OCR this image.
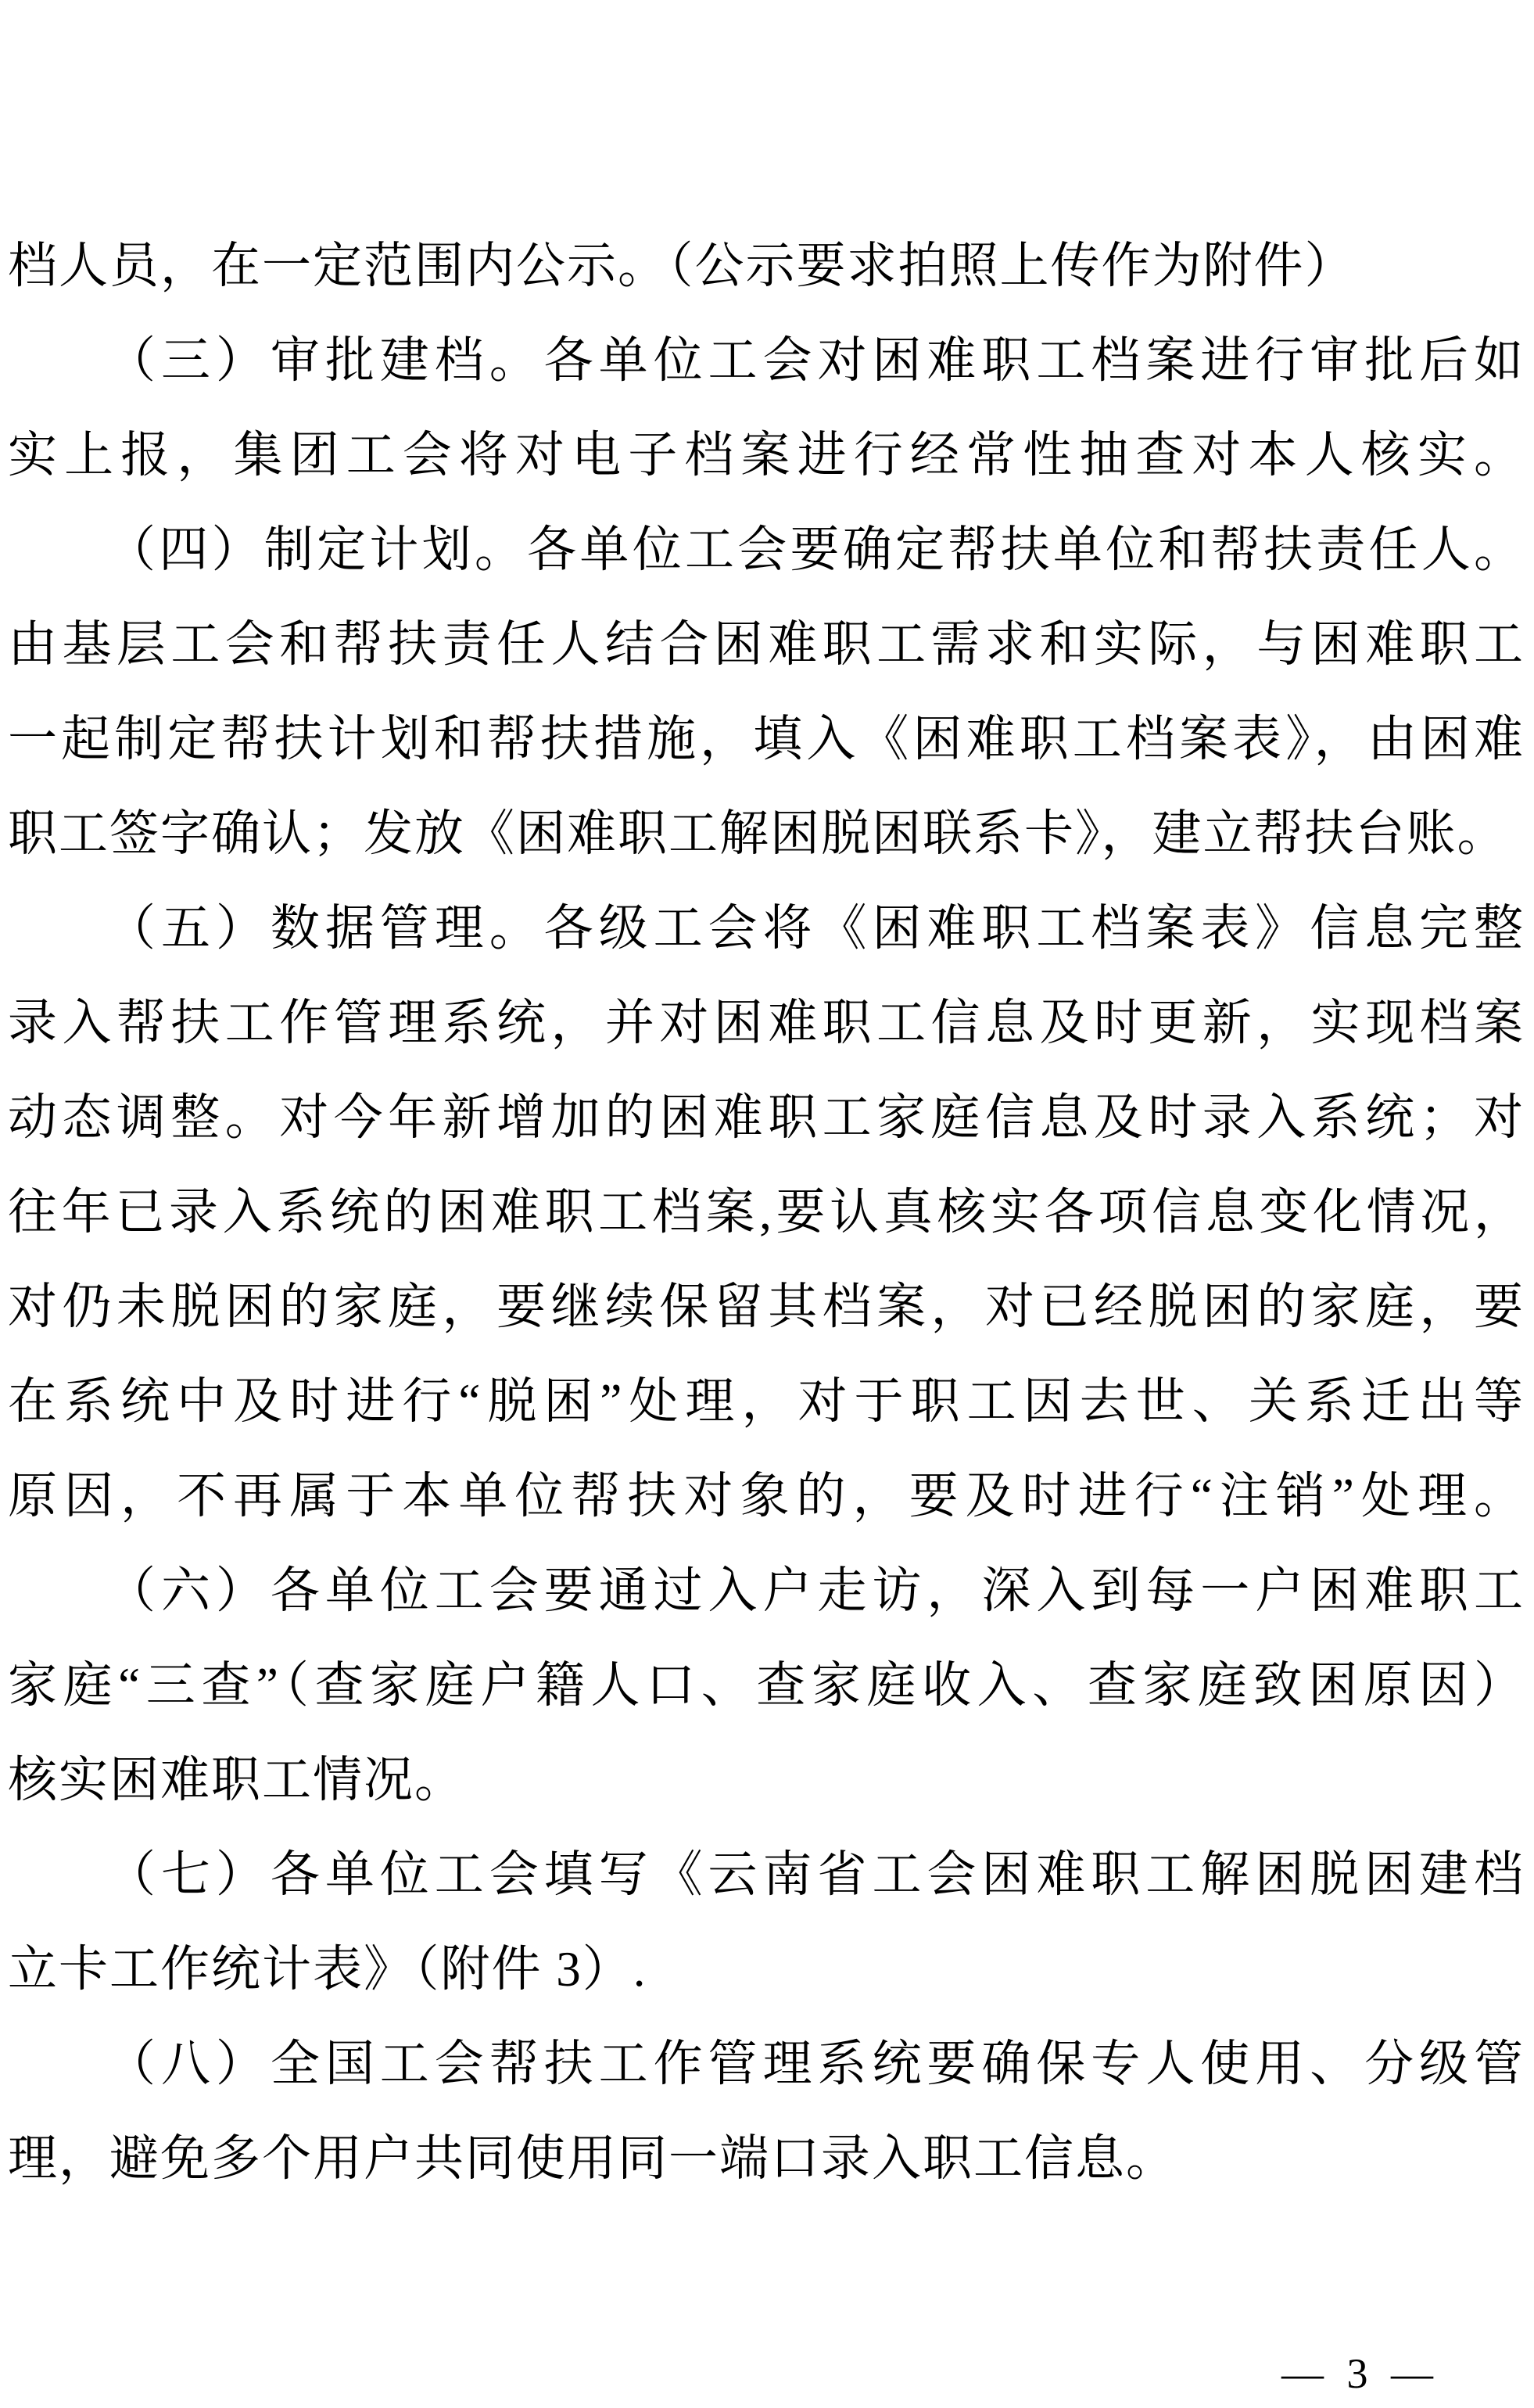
档人员，在一定范围内公示。（公示要求拍照上传作为附件）
（三）审批建档。各单位工会对困难职工档案进行审批后如
实上报，集团工会将对电子档案进行经常性抽查对本人核实。
（四）制定计划。各单位工会要确定帮扶单位和帮扶责任人。
由基层工会和帮扶责任人结合困难职工需求和实际，与困难职工
一起制定帮扶计划和帮扶措施，填入《困难职工档案表》，由困难
职工签字确认；发放《困难职工解困脱困联系卡》，建立帮扶台账。
（五）数据管理。各级工会将《困难职工档案表》信息完整
录入帮扶工作管理系统，并对困难职工信息及时更新，实现档案
动态调整。对今年新增加的困难职工家庭信息及时录入系统；对
往年已录入系统的困难职工档案,要认真核实各项信息变化情况，
对仍未脱困的家庭，要继续保留其档案，对已经脱困的家庭，要
在系统中及时进行“脱困”处理，对于职工因去世、关系迁出等
原因，不再属于本单位帮扶对象的，要及时进行“注销”处理。
（六）各单位工会要通过入户走访，深入到每一户困难职工
家庭“三查”（查家庭户籍人口、查家庭收入、查家庭致困原因）
核实困难职工情况。
（七）各单位工会填写《云南省工会困难职工解困脱困建档
立卡工作统计表》（附件 3）.
（八）全国工会帮扶工作管理系统要确保专人使用、分级管
理，避免多个用户共同使用同一端口录入职工信息。
— 3 —
